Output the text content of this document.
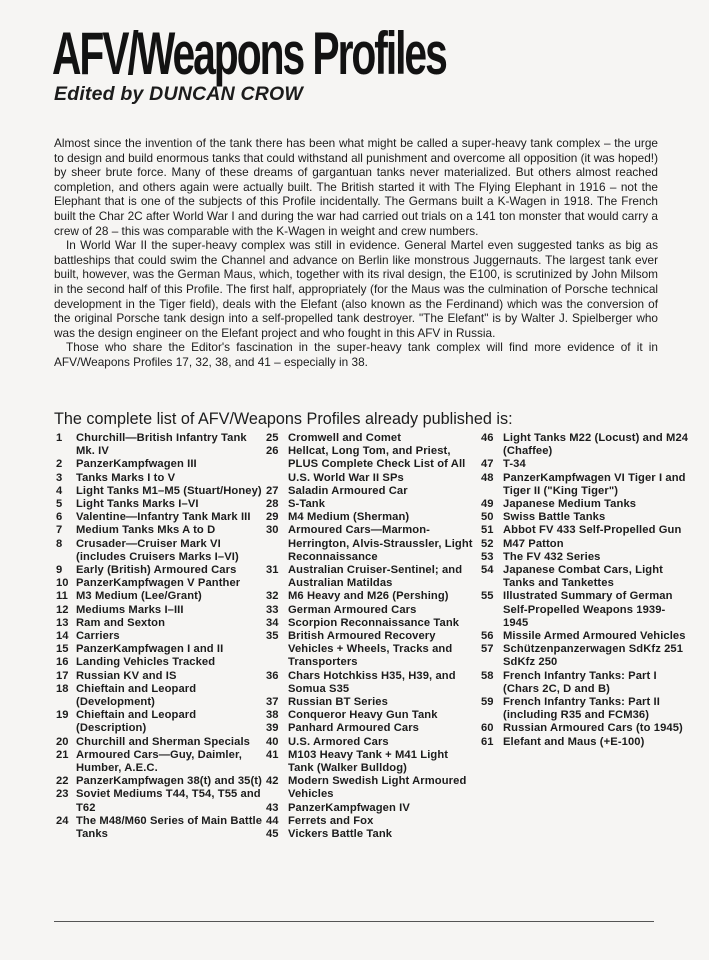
AFV/Weapons Profiles
Edited by DUNCAN CROW

Almost since the invention of the tank there has been what might be called a super-heavy tank complex – the urge to design and build enormous tanks that could withstand all punishment and overcome all opposition (it was hoped!) by sheer brute force. Many of these dreams of gargantuan tanks never materialized. But others almost reached completion, and others again were actually built. The British started it with The Flying Elephant in 1916 – not the Elephant that is one of the subjects of this Profile incidentally. The Germans built a K-Wagen in 1918. The French built the Char 2C after World War I and during the war had carried out trials on a 141 ton monster that would carry a crew of 28 – this was comparable with the K-Wagen in weight and crew numbers.

In World War II the super-heavy complex was still in evidence. General Martel even suggested tanks as big as battleships that could swim the Channel and advance on Berlin like monstrous Juggernauts. The largest tank ever built, however, was the German Maus, which, together with its rival design, the E100, is scrutinized by John Milsom in the second half of this Profile. The first half, appropriately (for the Maus was the culmination of Porsche technical development in the Tiger field), deals with the Elefant (also known as the Ferdinand) which was the conversion of the original Porsche tank design into a self-propelled tank destroyer. "The Elefant" is by Walter J. Spielberger who was the design engineer on the Elefant project and who fought in this AFV in Russia.

Those who share the Editor's fascination in the super-heavy tank complex will find more evidence of it in AFV/Weapons Profiles 17, 32, 38, and 41 – especially in 38.

The complete list of AFV/Weapons Profiles already published is:
1	Churchill—British Infantry Tank Mk. IV
2	PanzerKampfwagen III
3	Tanks Marks I to V
4	Light Tanks M1–M5 (Stuart/Honey)
5	Light Tanks Marks I–VI
6	Valentine—Infantry Tank Mark III
7	Medium Tanks Mks A to D
8	Crusader—Cruiser Mark VI (includes Cruisers Marks I–VI)
9	Early (British) Armoured Cars
10 PanzerKampfwagen V Panther
11 M3 Medium (Lee/Grant)
12 Mediums Marks I–III
13 Ram and Sexton
14 Carriers
15 PanzerKampfwagen I and II
16 Landing Vehicles Tracked
17 Russian KV and IS
18 Chieftain and Leopard (Development)
19 Chieftain and Leopard (Description)
20 Churchill and Sherman Specials
21 Armoured Cars—Guy, Daimler, Humber, A.E.C.
22 PanzerKampfwagen 38(t) and 35(t)
23 Soviet Mediums T44, T54, T55 and T62
24 The M48/M60 Series of Main Battle Tanks
25 Cromwell and Comet
26 Hellcat, Long Tom, and Priest, PLUS Complete Check List of All U.S. World War II SPs
27 Saladin Armoured Car
28 S-Tank
29 M4 Medium (Sherman)
30 Armoured Cars—Marmon-Herrington, Alvis-Straussler, Light Reconnaissance
31 Australian Cruiser-Sentinel; and Australian Matildas
32 M6 Heavy and M26 (Pershing)
33 German Armoured Cars
34 Scorpion Reconnaissance Tank
35 British Armoured Recovery Vehicles + Wheels, Tracks and Transporters
36 Chars Hotchkiss H35, H39, and Somua S35
37 Russian BT Series
38 Conqueror Heavy Gun Tank
39 Panhard Armoured Cars
40 U.S. Armored Cars
41 M103 Heavy Tank + M41 Light Tank (Walker Bulldog)
42 Modern Swedish Light Armoured Vehicles
43 PanzerKampfwagen IV
44 Ferrets and Fox
45 Vickers Battle Tank
46 Light Tanks M22 (Locust) and M24 (Chaffee)
47 T-34
48 PanzerKampfwagen VI Tiger I and Tiger II ("King Tiger")
49 Japanese Medium Tanks
50 Swiss Battle Tanks
51 Abbot FV 433 Self-Propelled Gun
52 M47 Patton
53 The FV 432 Series
54 Japanese Combat Cars, Light Tanks and Tankettes
55 Illustrated Summary of German Self-Propelled Weapons 1939-1945
56 Missile Armed Armoured Vehicles
57 Schützenpanzerwagen SdKfz 251 SdKfz 250
58 French Infantry Tanks: Part I (Chars 2C, D and B)
59 French Infantry Tanks: Part II (including R35 and FCM36)
60 Russian Armoured Cars (to 1945)
61 Elefant and Maus (+E-100)
